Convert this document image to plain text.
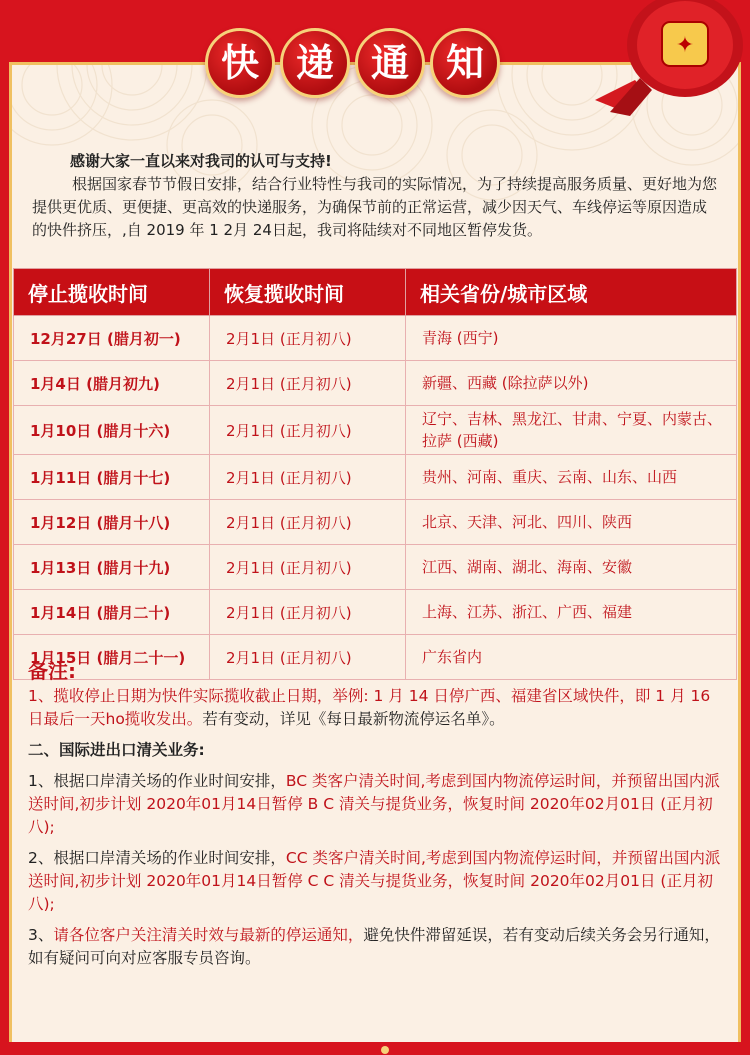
✦
快 递 通 知
感谢大家一直以来对我司的认可与支持!
根据国家春节节假日安排，结合行业特性与我司的实际情况，为了持续提高服务质量、更好地为您提供更优质、更便捷、更高效的快递服务，为确保节前的正常运营，减少因天气、车线停运等原因造成的快件挤压，,自 2019 年 1 2月 24日起，我司将陆续对不同地区暂停发货。
停止揽收时间	恢复揽收时间	相关省份/城市区域
12月27日 (腊月初一)	2月1日 (正月初八)	青海 (西宁)
1月4日 (腊月初九)	2月1日 (正月初八)	新疆、西藏 (除拉萨以外)
1月10日 (腊月十六)	2月1日 (正月初八)	辽宁、吉林、黑龙江、甘肃、宁夏、内蒙古、拉萨 (西藏)
1月11日 (腊月十七)	2月1日 (正月初八)	贵州、河南、重庆、云南、山东、山西
1月12日 (腊月十八)	2月1日 (正月初八)	北京、天津、河北、四川、陕西
1月13日 (腊月十九)	2月1日 (正月初八)	江西、湖南、湖北、海南、安徽
1月14日 (腊月二十)	2月1日 (正月初八)	上海、江苏、浙江、广西、福建
1月15日 (腊月二十一)	2月1日 (正月初八)	广东省内
备注:
1、揽收停止日期为快件实际揽收截止日期，举例: 1 月 14 日停广西、福建省区域快件，即 1 月 16 日最后一天ho揽收发出。若有变动，详见《每日最新物流停运名单》。
二、国际进出口清关业务:
1、根据口岸清关场的作业时间安排，BC 类客户清关时间,考虑到国内物流停运时间，并预留出国内派送时间,初步计划 2020年01月14日暂停 B C 清关与提货业务，恢复时间 2020年02月01日 (正月初八);
2、根据口岸清关场的作业时间安排，CC 类客户清关时间,考虑到国内物流停运时间，并预留出国内派送时间,初步计划 2020年01月14日暂停 C C 清关与提货业务，恢复时间 2020年02月01日 (正月初八);
3、请各位客户关注清关时效与最新的停运通知，避免快件滞留延误，若有变动后续关务会另行通知，如有疑问可向对应客服专员咨询。
